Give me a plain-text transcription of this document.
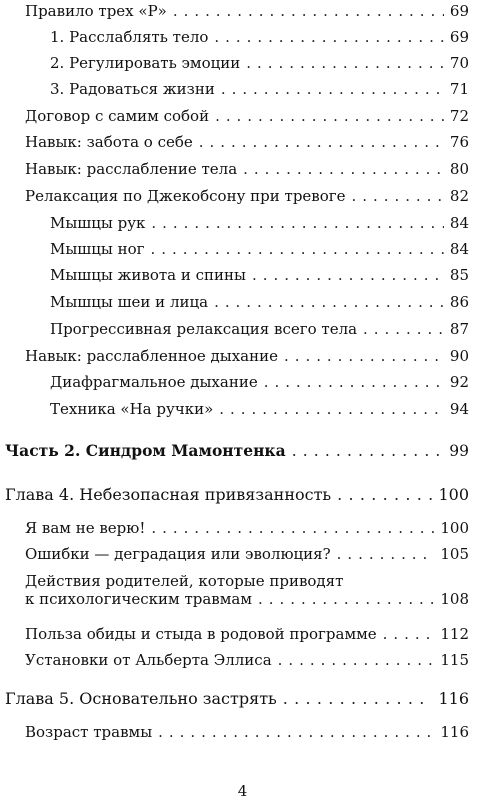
Правило трех «Р» . . .	69
1. Расслаблять тело . . .	69
2. Регулировать эмоции . . .	70
3. Радоваться жизни . . .	71
Договор с самим собой . . .	72
Навык: забота о себе . . .	76
Навык: расслабление тела . . .	80
Релаксация по Джекобсону при тревоге . . .	82
Мышцы рук . . .	84
Мышцы ног . . .	84
Мышцы живота и спины . . .	85
Мышцы шеи и лица . . .	86
Прогрессивная релаксация всего тела . . .	87
Навык: расслабленное дыхание . . .	90
Диафрагмальное дыхание . . .	92
Техника «На ручки» . . .	94
Часть 2. Синдром Мамонтенка . . .	99
Глава 4. Небезопасная привязанность . . .	100
Я вам не верю! . . .	100
Ошибки — деградация или эволюция? . . .	105
Действия родителей, которые приводят
к психологическим травмам . . .	108
Польза обиды и стыда в родовой программе . . .	112
Установки от Альберта Эллиса . . .	115
Глава 5. Основательно застрять . . .	116
Возраст травмы . . .	116
4
